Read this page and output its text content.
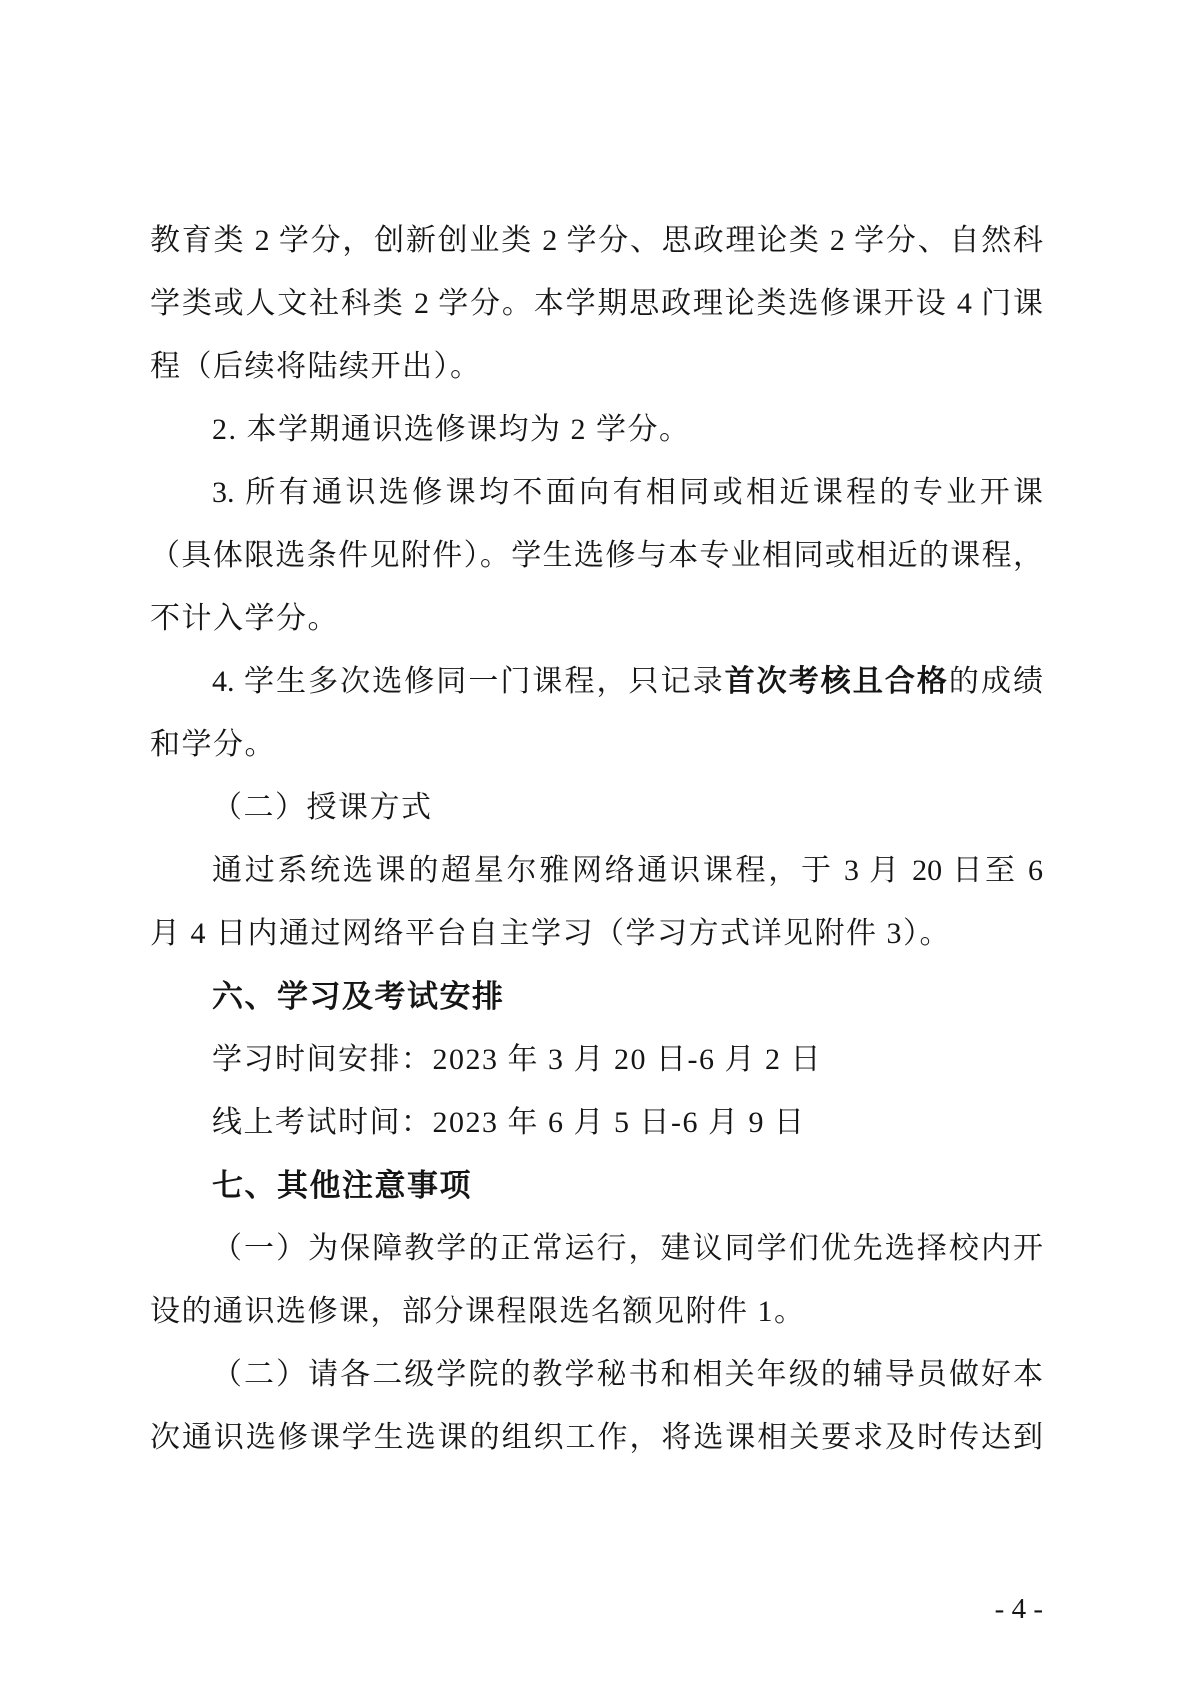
教育类 2 学分，创新创业类 2 学分、思政理论类 2 学分、自然科
学类或人文社科类 2 学分。本学期思政理论类选修课开设 4 门课
程（后续将陆续开出）。
2. 本学期通识选修课均为 2 学分。
3. 所有通识选修课均不面向有相同或相近课程的专业开课
（具体限选条件见附件）。学生选修与本专业相同或相近的课程，
不计入学分。
4. 学生多次选修同一门课程，只记录首次考核且合格的成绩
和学分。
（二）授课方式
通过系统选课的超星尔雅网络通识课程，于 3 月 20 日至 6
月 4 日内通过网络平台自主学习（学习方式详见附件 3）。
六、学习及考试安排
学习时间安排：2023 年 3 月 20 日-6 月 2 日
线上考试时间：2023 年 6 月 5 日-6 月 9 日
七、其他注意事项
（一）为保障教学的正常运行，建议同学们优先选择校内开
设的通识选修课，部分课程限选名额见附件 1。
（二）请各二级学院的教学秘书和相关年级的辅导员做好本
次通识选修课学生选课的组织工作，将选课相关要求及时传达到
- 4 -
